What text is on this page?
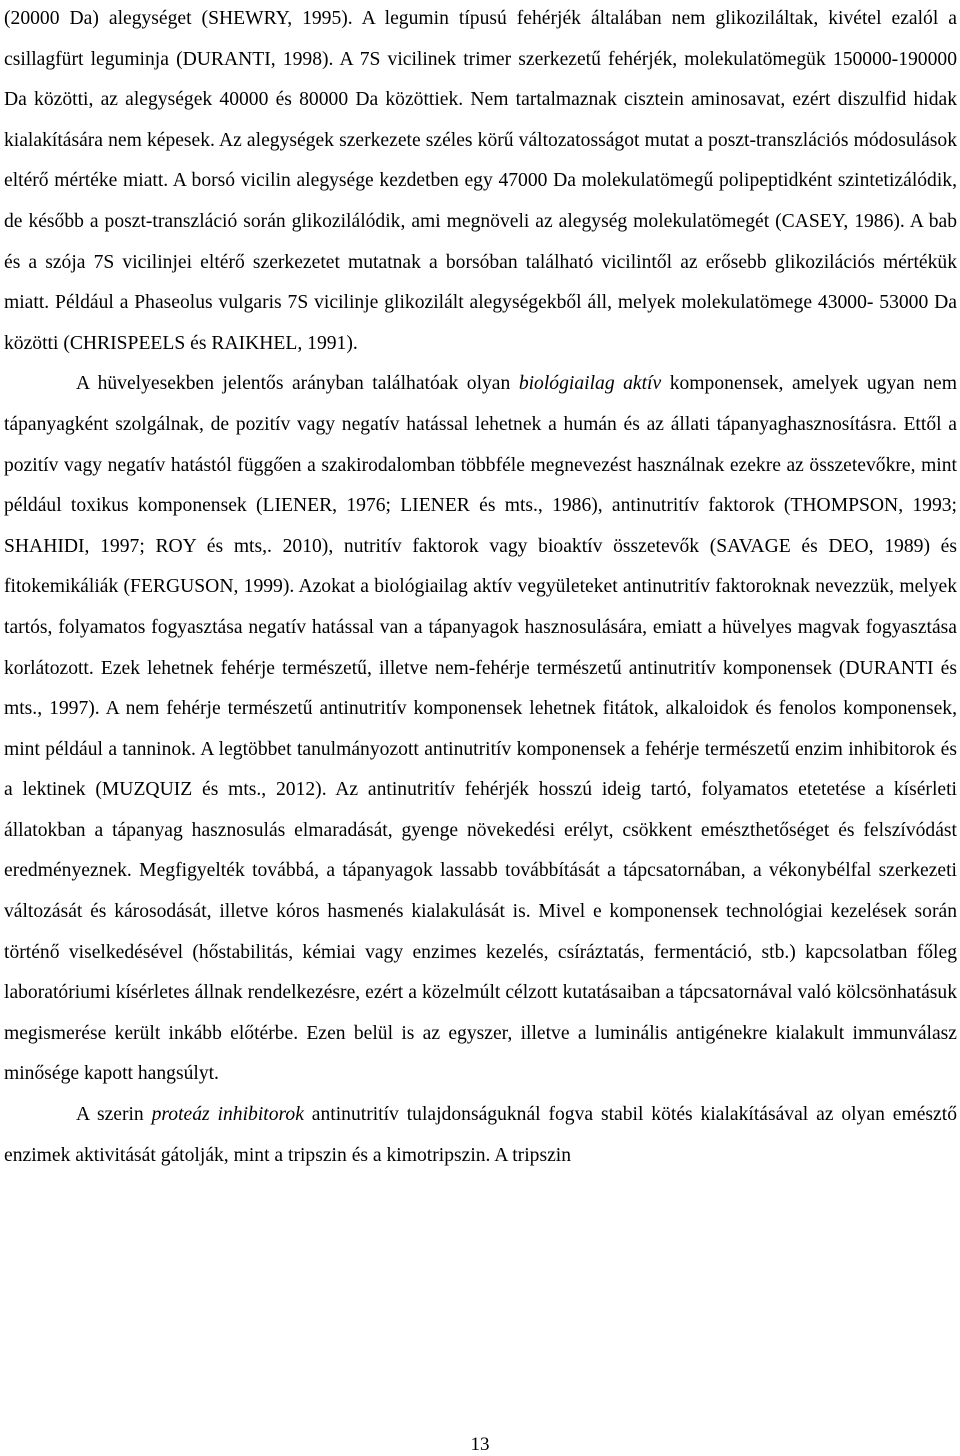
(20000 Da) alegységet (SHEWRY, 1995). A legumin típusú fehérjék általában nem glikoziláltak, kivétel ezalól a csillagfürt leguminja (DURANTI, 1998). A 7S vicilinek trimer szerkezetű fehérjék, molekulatömegük 150000-190000 Da közötti, az alegységek 40000 és 80000 Da közöttiek. Nem tartalmaznak cisztein aminosavat, ezért diszulfid hidak kialakítására nem képesek. Az alegységek szerkezete széles körű változatosságot mutat a poszt-transzlációs módosulások eltérő mértéke miatt. A borsó vicilin alegysége kezdetben egy 47000 Da molekulatömegű polipeptidként szintetizálódik, de később a poszt-transzláció során glikozilálódik, ami megnöveli az alegység molekulatömegét (CASEY, 1986). A bab és a szója 7S vicilinjei eltérő szerkezetet mutatnak a borsóban található vicilintől az erősebb glikozilációs mértékük miatt. Például a Phaseolus vulgaris 7S vicilinje glikozilált alegységekből áll, melyek molekulatömege 43000- 53000 Da közötti (CHRISPEELS és RAIKHEL, 1991).

A hüvelyesekben jelentős arányban találhatóak olyan biológiailag aktív komponensek, amelyek ugyan nem tápanyagként szolgálnak, de pozitív vagy negatív hatással lehetnek a humán és az állati tápanyaghasznosításra. Ettől a pozitív vagy negatív hatástól függően a szakirodalomban többféle megnevezést használnak ezekre az összetevőkre, mint például toxikus komponensek (LIENER, 1976; LIENER és mts., 1986), antinutritív faktorok (THOMPSON, 1993; SHAHIDI, 1997; ROY és mts,. 2010), nutritív faktorok vagy bioaktív összetevők (SAVAGE és DEO, 1989) és fitokemikáliák (FERGUSON, 1999). Azokat a biológiailag aktív vegyületeket antinutritív faktoroknak nevezzük, melyek tartós, folyamatos fogyasztása negatív hatással van a tápanyagok hasznosulására, emiatt a hüvelyes magvak fogyasztása korlátozott. Ezek lehetnek fehérje természetű, illetve nem-fehérje természetű antinutritív komponensek (DURANTI és mts., 1997). A nem fehérje természetű antinutritív komponensek lehetnek fitátok, alkaloidok és fenolos komponensek, mint például a tanninok. A legtöbbet tanulmányozott antinutritív komponensek a fehérje természetű enzim inhibitorok és a lektinek (MUZQUIZ és mts., 2012). Az antinutritív fehérjék hosszú ideig tartó, folyamatos etetetése a kísérleti állatokban a tápanyag hasznosulás elmaradását, gyenge növekedési erélyt, csökkent emészthetőséget és felszívódást eredményeznek. Megfigyelték továbbá, a tápanyagok lassabb továbbítását a tápcsatornában, a vékonybélfal szerkezeti változását és károsodását, illetve kóros hasmenés kialakulását is. Mivel e komponensek technológiai kezelések során történő viselkedésével (hőstabilitás, kémiai vagy enzimes kezelés, csíráztatás, fermentáció, stb.) kapcsolatban főleg laboratóriumi kísérletes állnak rendelkezésre, ezért a közelmúlt célzott kutatásaiban a tápcsatornával való kölcsönhatásuk megismerése került inkább előtérbe. Ezen belül is az egyszer, illetve a luminális antigénekre kialakult immunválasz minősége kapott hangsúlyt.

A szerin proteáz inhibitorok antinutritív tulajdonságuknál fogva stabil kötés kialakításával az olyan emésztő enzimek aktivitását gátolják, mint a tripszin és a kimotripszin. A tripszin

13
